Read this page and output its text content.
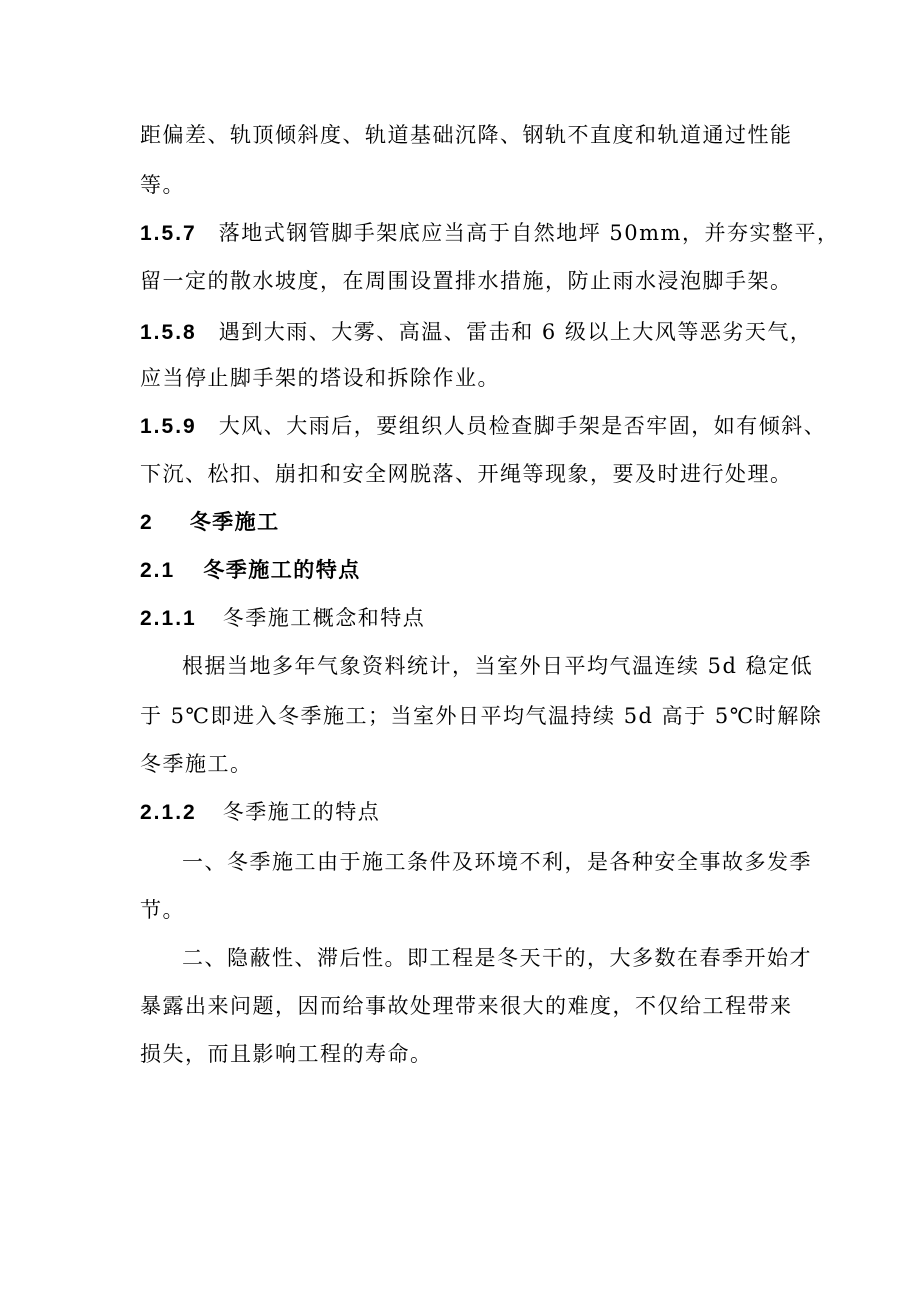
距偏差、轨顶倾斜度、轨道基础沉降、钢轨不直度和轨道通过性能
等。
1.5.7 落地式钢管脚手架底应当高于自然地坪 50mm，并夯实整平，
留一定的散水坡度，在周围设置排水措施，防止雨水浸泡脚手架。
1.5.8 遇到大雨、大雾、高温、雷击和 6 级以上大风等恶劣天气，
应当停止脚手架的塔设和拆除作业。
1.5.9 大风、大雨后，要组织人员检查脚手架是否牢固，如有倾斜、
下沉、松扣、崩扣和安全网脱落、开绳等现象，要及时进行处理。
2 冬季施工
2.1 冬季施工的特点
2.1.1 冬季施工概念和特点
根据当地多年气象资料统计，当室外日平均气温连续 5d 稳定低
于 5℃即进入冬季施工；当室外日平均气温持续 5d 高于 5℃时解除
冬季施工。
2.1.2 冬季施工的特点
一、冬季施工由于施工条件及环境不利，是各种安全事故多发季
节。
二、隐蔽性、滞后性。即工程是冬天干的，大多数在春季开始才
暴露出来问题，因而给事故处理带来很大的难度，不仅给工程带来
损失，而且影响工程的寿命。
